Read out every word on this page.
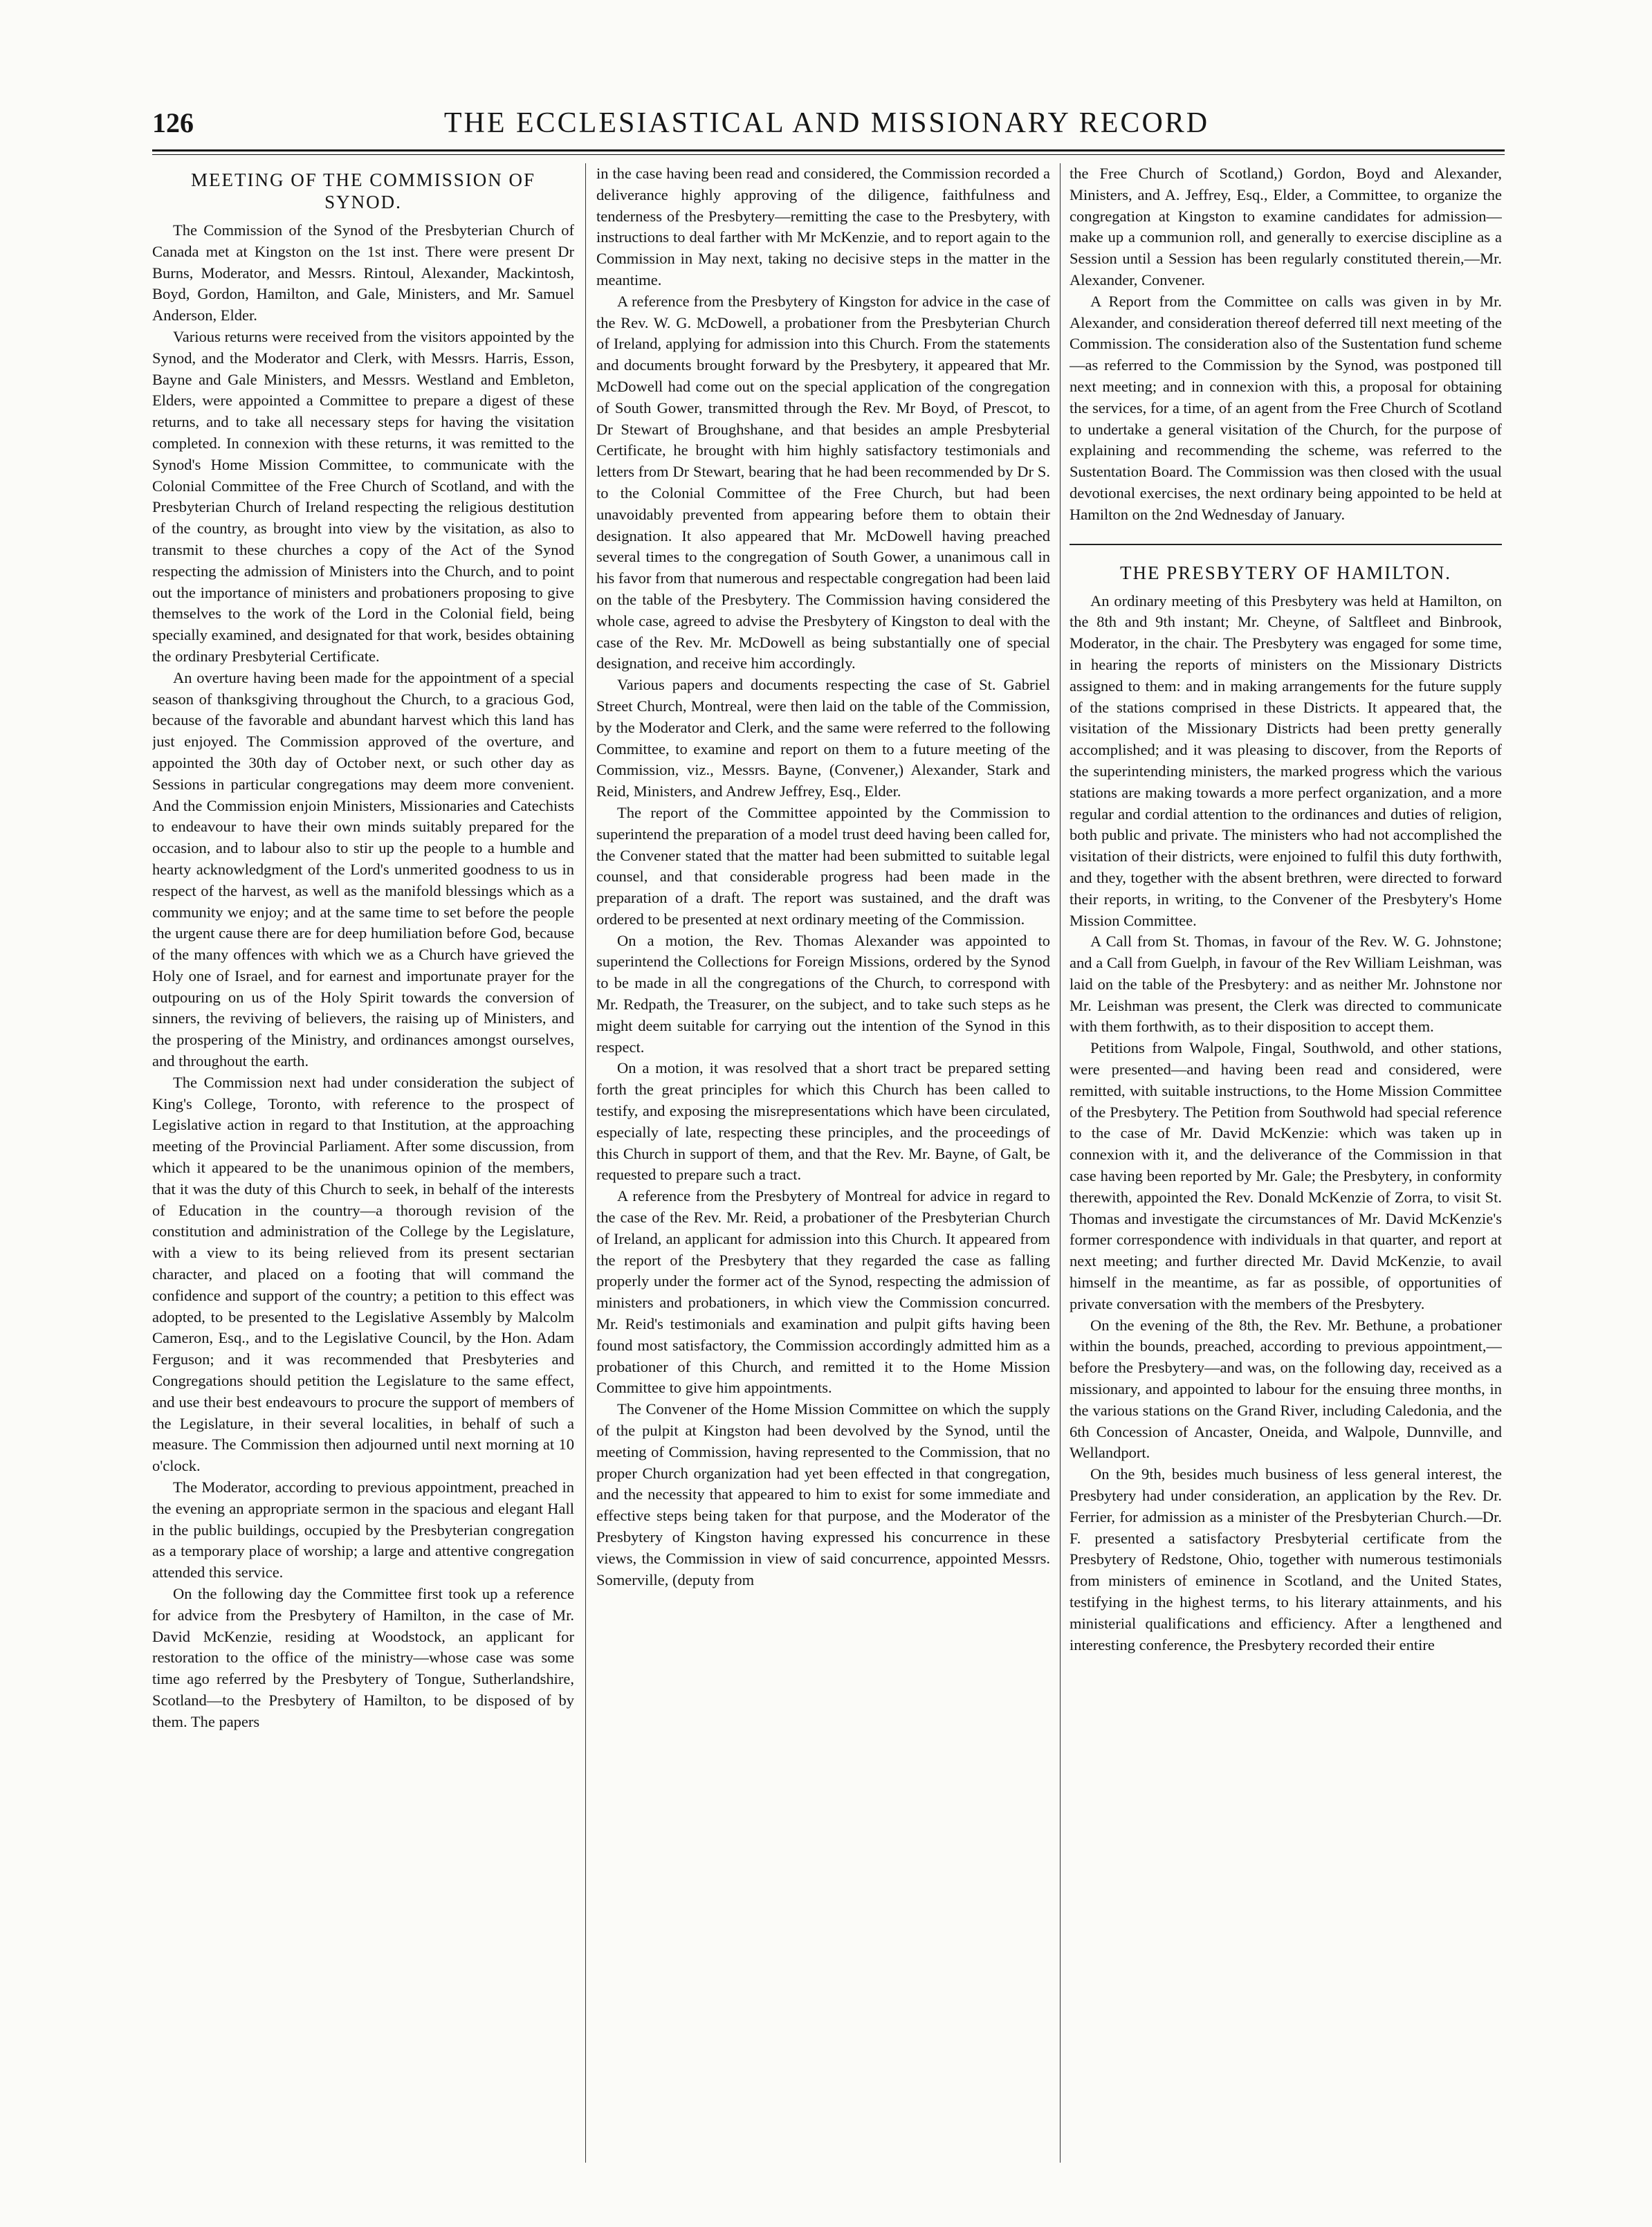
126	THE ECCLESIASTICAL AND MISSIONARY RECORD
MEETING OF THE COMMISSION OF SYNOD.

The Commission of the Synod of the Presbyterian Church of Canada met at Kingston on the 1st inst. There were present Dr Burns, Moderator, and Messrs. Rintoul, Alexander, Mackintosh, Boyd, Gordon, Hamilton, and Gale, Ministers, and Mr. Samuel Anderson, Elder.

Various returns were received from the visitors appointed by the Synod, and the Moderator and Clerk, with Messrs. Harris, Esson, Bayne and Gale Ministers, and Messrs. Westland and Embleton, Elders, were appointed a Committee to prepare a digest of these returns, and to take all necessary steps for having the visitation completed. In connexion with these returns, it was remitted to the Synod's Home Mission Committee, to communicate with the Colonial Committee of the Free Church of Scotland, and with the Presbyterian Church of Ireland respecting the religious destitution of the country, as brought into view by the visitation, as also to transmit to these churches a copy of the Act of the Synod respecting the admission of Ministers into the Church, and to point out the importance of ministers and probationers proposing to give themselves to the work of the Lord in the Colonial field, being specially examined, and designated for that work, besides obtaining the ordinary Presbyterial Certificate.

An overture having been made for the appointment of a special season of thanksgiving throughout the Church, to a gracious God, because of the favorable and abundant harvest which this land has just enjoyed. The Commission approved of the overture, and appointed the 30th day of October next, or such other day as Sessions in particular congregations may deem more convenient. And the Commission enjoin Ministers, Missionaries and Catechists to endeavour to have their own minds suitably prepared for the occasion, and to labour also to stir up the people to a humble and hearty acknowledgment of the Lord's unmerited goodness to us in respect of the harvest, as well as the manifold blessings which as a community we enjoy; and at the same time to set before the people the urgent cause there are for deep humiliation before God, because of the many offences with which we as a Church have grieved the Holy one of Israel, and for earnest and importunate prayer for the outpouring on us of the Holy Spirit towards the conversion of sinners, the reviving of believers, the raising up of Ministers, and the prospering of the Ministry, and ordinances amongst ourselves, and throughout the earth.

The Commission next had under consideration the subject of King's College, Toronto, with reference to the prospect of Legislative action in regard to that Institution, at the approaching meeting of the Provincial Parliament. After some discussion, from which it appeared to be the unanimous opinion of the members, that it was the duty of this Church to seek, in behalf of the interests of Education in the country—a thorough revision of the constitution and administration of the College by the Legislature, with a view to its being relieved from its present sectarian character, and placed on a footing that will command the confidence and support of the country; a petition to this effect was adopted, to be presented to the Legislative Assembly by Malcolm Cameron, Esq., and to the Legislative Council, by the Hon. Adam Ferguson; and it was recommended that Presbyteries and Congregations should petition the Legislature to the same effect, and use their best endeavours to procure the support of members of the Legislature, in their several localities, in behalf of such a measure. The Commission then adjourned until next morning at 10 o'clock.

The Moderator, according to previous appointment, preached in the evening an appropriate sermon in the spacious and elegant Hall in the public buildings, occupied by the Presbyterian congregation as a temporary place of worship; a large and attentive congregation attended this service.

On the following day the Committee first took up a reference for advice from the Presbytery of Hamilton, in the case of Mr. David McKenzie, residing at Woodstock, an applicant for restoration to the office of the ministry—whose case was some time ago referred by the Presbytery of Tongue, Sutherlandshire, Scotland—to the Presbytery of Hamilton, to be disposed of by them. The papers

in the case having been read and considered, the Commission recorded a deliverance highly approving of the diligence, faithfulness and tenderness of the Presbytery—remitting the case to the Presbytery, with instructions to deal farther with Mr McKenzie, and to report again to the Commission in May next, taking no decisive steps in the matter in the meantime.

A reference from the Presbytery of Kingston for advice in the case of the Rev. W. G. McDowell, a probationer from the Presbyterian Church of Ireland, applying for admission into this Church. From the statements and documents brought forward by the Presbytery, it appeared that Mr. McDowell had come out on the special application of the congregation of South Gower, transmitted through the Rev. Mr Boyd, of Prescot, to Dr Stewart of Broughshane, and that besides an ample Presbyterial Certificate, he brought with him highly satisfactory testimonials and letters from Dr Stewart, bearing that he had been recommended by Dr S. to the Colonial Committee of the Free Church, but had been unavoidably prevented from appearing before them to obtain their designation. It also appeared that Mr. McDowell having preached several times to the congregation of South Gower, a unanimous call in his favor from that numerous and respectable congregation had been laid on the table of the Presbytery. The Commission having considered the whole case, agreed to advise the Presbytery of Kingston to deal with the case of the Rev. Mr. McDowell as being substantially one of special designation, and receive him accordingly.

Various papers and documents respecting the case of St. Gabriel Street Church, Montreal, were then laid on the table of the Commission, by the Moderator and Clerk, and the same were referred to the following Committee, to examine and report on them to a future meeting of the Commission, viz., Messrs. Bayne, (Convener,) Alexander, Stark and Reid, Ministers, and Andrew Jeffrey, Esq., Elder.

The report of the Committee appointed by the Commission to superintend the preparation of a model trust deed having been called for, the Convener stated that the matter had been submitted to suitable legal counsel, and that considerable progress had been made in the preparation of a draft. The report was sustained, and the draft was ordered to be presented at next ordinary meeting of the Commission.

On a motion, the Rev. Thomas Alexander was appointed to superintend the Collections for Foreign Missions, ordered by the Synod to be made in all the congregations of the Church, to correspond with Mr. Redpath, the Treasurer, on the subject, and to take such steps as he might deem suitable for carrying out the intention of the Synod in this respect.

On a motion, it was resolved that a short tract be prepared setting forth the great principles for which this Church has been called to testify, and exposing the misrepresentations which have been circulated, especially of late, respecting these principles, and the proceedings of this Church in support of them, and that the Rev. Mr. Bayne, of Galt, be requested to prepare such a tract.

A reference from the Presbytery of Montreal for advice in regard to the case of the Rev. Mr. Reid, a probationer of the Presbyterian Church of Ireland, an applicant for admission into this Church. It appeared from the report of the Presbytery that they regarded the case as falling properly under the former act of the Synod, respecting the admission of ministers and probationers, in which view the Commission concurred. Mr. Reid's testimonials and examination and pulpit gifts having been found most satisfactory, the Commission accordingly admitted him as a probationer of this Church, and remitted it to the Home Mission Committee to give him appointments.

The Convener of the Home Mission Committee on which the supply of the pulpit at Kingston had been devolved by the Synod, until the meeting of Commission, having represented to the Commission, that no proper Church organization had yet been effected in that congregation, and the necessity that appeared to him to exist for some immediate and effective steps being taken for that purpose, and the Moderator of the Presbytery of Kingston having expressed his concurrence in these views, the Commission in view of said concurrence, appointed Messrs. Somerville, (deputy from

the Free Church of Scotland,) Gordon, Boyd and Alexander, Ministers, and A. Jeffrey, Esq., Elder, a Committee, to organize the congregation at Kingston to examine candidates for admission—make up a communion roll, and generally to exercise discipline as a Session until a Session has been regularly constituted therein,—Mr. Alexander, Convener.

A Report from the Committee on calls was given in by Mr. Alexander, and consideration thereof deferred till next meeting of the Commission. The consideration also of the Sustentation fund scheme —as referred to the Commission by the Synod, was postponed till next meeting; and in connexion with this, a proposal for obtaining the services, for a time, of an agent from the Free Church of Scotland to undertake a general visitation of the Church, for the purpose of explaining and recommending the scheme, was referred to the Sustentation Board. The Commission was then closed with the usual devotional exercises, the next ordinary being appointed to be held at Hamilton on the 2nd Wednesday of January.

THE PRESBYTERY OF HAMILTON.

An ordinary meeting of this Presbytery was held at Hamilton, on the 8th and 9th instant; Mr. Cheyne, of Saltfleet and Binbrook, Moderator, in the chair. The Presbytery was engaged for some time, in hearing the reports of ministers on the Missionary Districts assigned to them: and in making arrangements for the future supply of the stations comprised in these Districts. It appeared that, the visitation of the Missionary Districts had been pretty generally accomplished; and it was pleasing to discover, from the Reports of the superintending ministers, the marked progress which the various stations are making towards a more perfect organization, and a more regular and cordial attention to the ordinances and duties of religion, both public and private. The ministers who had not accomplished the visitation of their districts, were enjoined to fulfil this duty forthwith, and they, together with the absent brethren, were directed to forward their reports, in writing, to the Convener of the Presbytery's Home Mission Committee.

A Call from St. Thomas, in favour of the Rev. W. G. Johnstone; and a Call from Guelph, in favour of the Rev William Leishman, was laid on the table of the Presbytery: and as neither Mr. Johnstone nor Mr. Leishman was present, the Clerk was directed to communicate with them forthwith, as to their disposition to accept them.

Petitions from Walpole, Fingal, Southwold, and other stations, were presented—and having been read and considered, were remitted, with suitable instructions, to the Home Mission Committee of the Presbytery. The Petition from Southwold had special reference to the case of Mr. David McKenzie: which was taken up in connexion with it, and the deliverance of the Commission in that case having been reported by Mr. Gale; the Presbytery, in conformity therewith, appointed the Rev. Donald McKenzie of Zorra, to visit St. Thomas and investigate the circumstances of Mr. David McKenzie's former correspondence with individuals in that quarter, and report at next meeting; and further directed Mr. David McKenzie, to avail himself in the meantime, as far as possible, of opportunities of private conversation with the members of the Presbytery.

On the evening of the 8th, the Rev. Mr. Bethune, a probationer within the bounds, preached, according to previous appointment,—before the Presbytery—and was, on the following day, received as a missionary, and appointed to labour for the ensuing three months, in the various stations on the Grand River, including Caledonia, and the 6th Concession of Ancaster, Oneida, and Walpole, Dunnville, and Wellandport.

On the 9th, besides much business of less general interest, the Presbytery had under consideration, an application by the Rev. Dr. Ferrier, for admission as a minister of the Presbyterian Church.—Dr. F. presented a satisfactory Presbyterial certificate from the Presbytery of Redstone, Ohio, together with numerous testimonials from ministers of eminence in Scotland, and the United States, testifying in the highest terms, to his literary attainments, and his ministerial qualifications and efficiency. After a lengthened and interesting conference, the Presbytery recorded their entire
